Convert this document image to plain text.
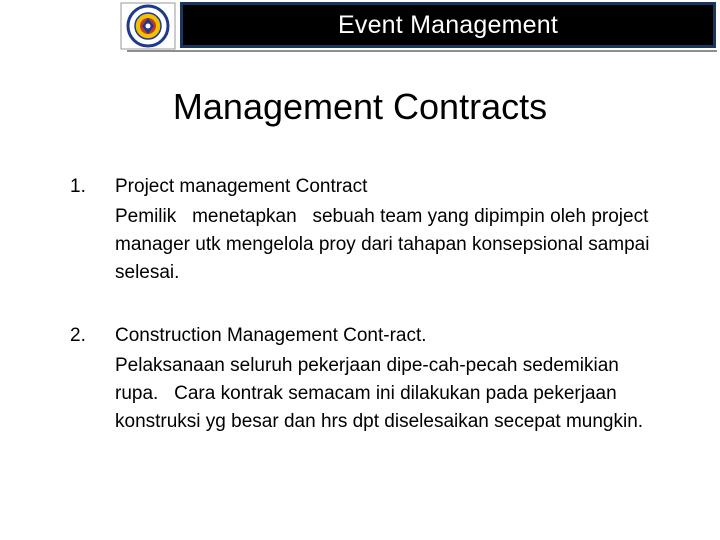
Event Management
Management Contracts
1. Project management Contract
Pemilik   menetapkan   sebuah team yang dipimpin oleh project manager utk mengelola proy dari tahapan konsepsional sampai selesai.
2. Construction Management Cont-ract.
Pelaksanaan seluruh pekerjaan dipe-cah-pecah sedemikian   rupa.   Cara kontrak semacam ini dilakukan pada pekerjaan konstruksi yg besar dan hrs dpt diselesaikan secepat mungkin.
